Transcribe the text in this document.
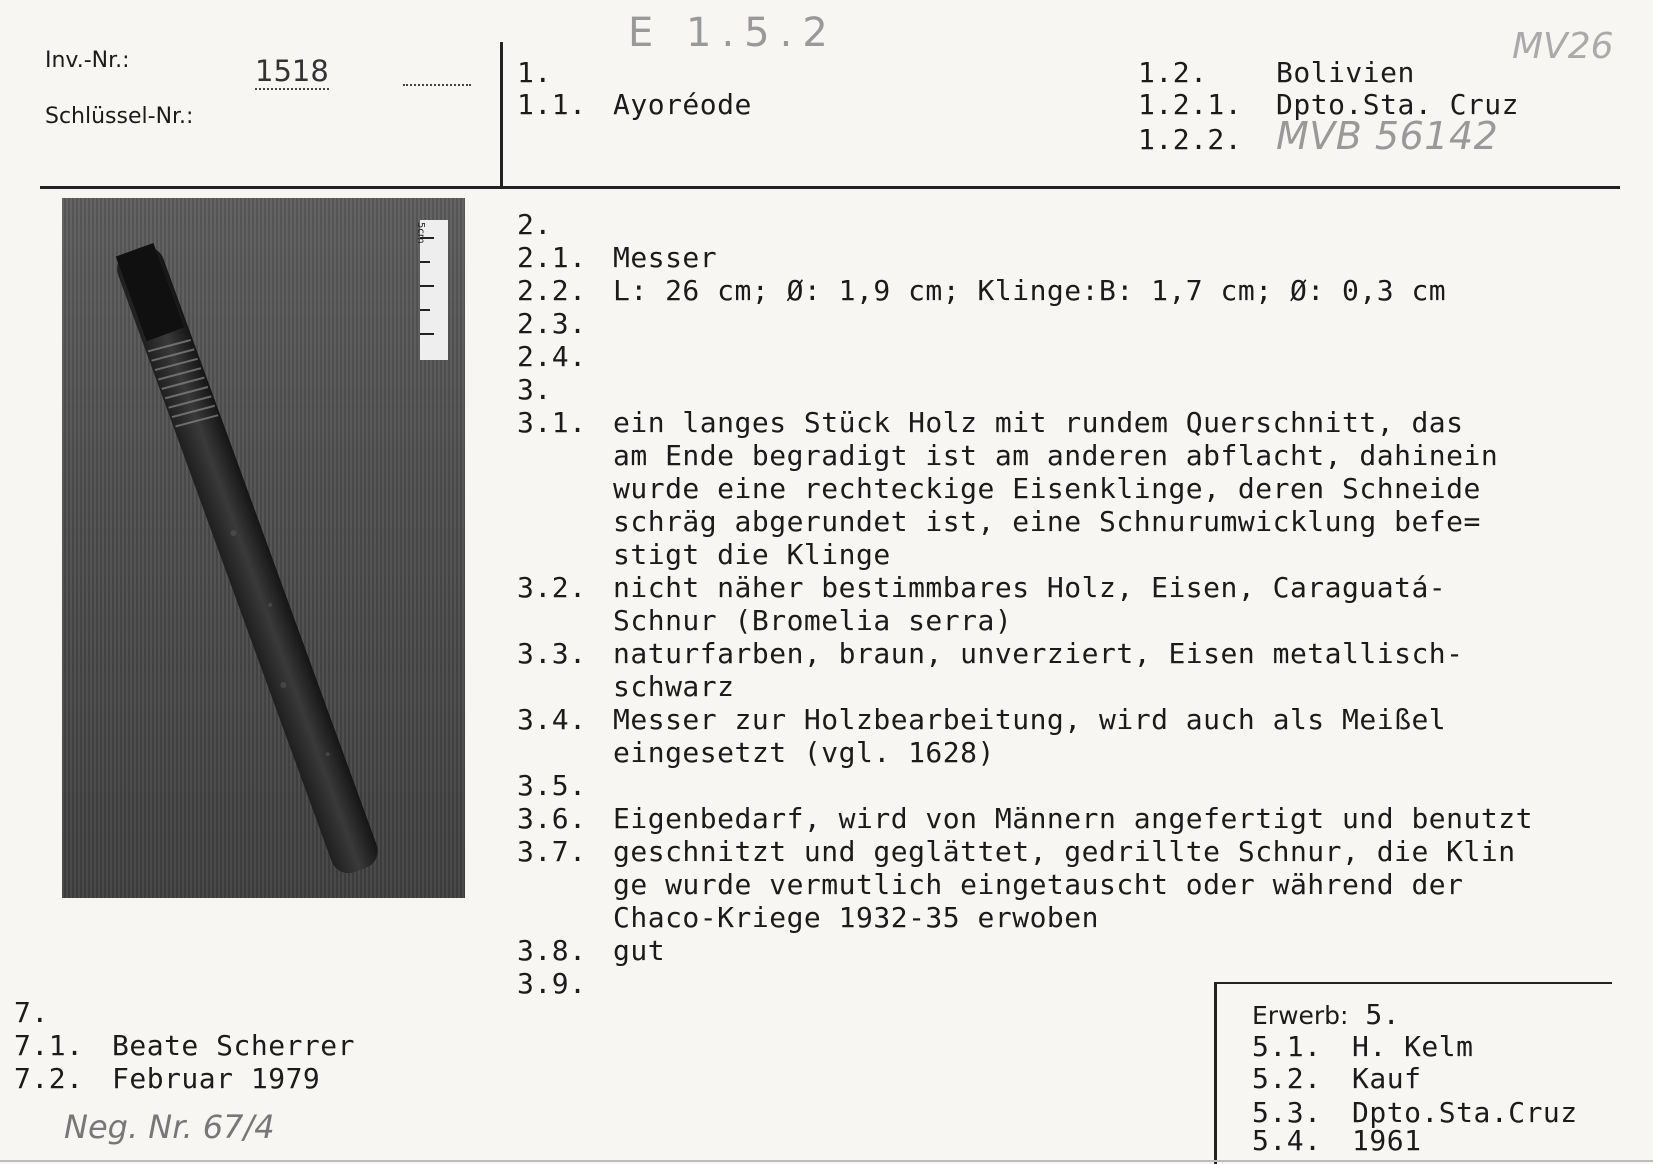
Inv.-Nr.:	1518
Schlüssel-Nr.:
E 1.5.2	MV26
1.
1.1. Ayoréode
1.2. Bolivien
1.2.1. Dpto.Sta. Cruz
1.2.2. MVB 56142
5cm	2.
2.1. Messer
2.2. L: 26 cm; Ø: 1,9 cm; Klinge:B: 1,7 cm; Ø: 0,3 cm
2.3.
2.4.
3.
3.1. ein langes Stück Holz mit rundem Querschnitt, das
am Ende begradigt ist am anderen abflacht, dahinein
wurde eine rechteckige Eisenklinge, deren Schneide
schräg abgerundet ist, eine Schnurumwicklung befe=
stigt die Klinge
3.2. nicht näher bestimmbares Holz, Eisen, Caraguatá-
Schnur (Bromelia serra)
3.3. naturfarben, braun, unverziert, Eisen metallisch-
schwarz
3.4. Messer zur Holzbearbeitung, wird auch als Meißel
eingesetzt (vgl. 1628)
3.5.
3.6. Eigenbedarf, wird von Männern angefertigt und benutzt
3.7. geschnitzt und geglättet, gedrillte Schnur, die Klin
ge wurde vermutlich eingetauscht oder während der
Chaco-Kriege 1932-35 erwoben
3.8. gut
3.9.
7.
7.1. Beate Scherrer
7.2. Februar 1979
Neg. Nr. 67/4
Erwerb: 5.
5.1. H. Kelm
5.2. Kauf
5.3. Dpto.Sta.Cruz
5.4. 1961
